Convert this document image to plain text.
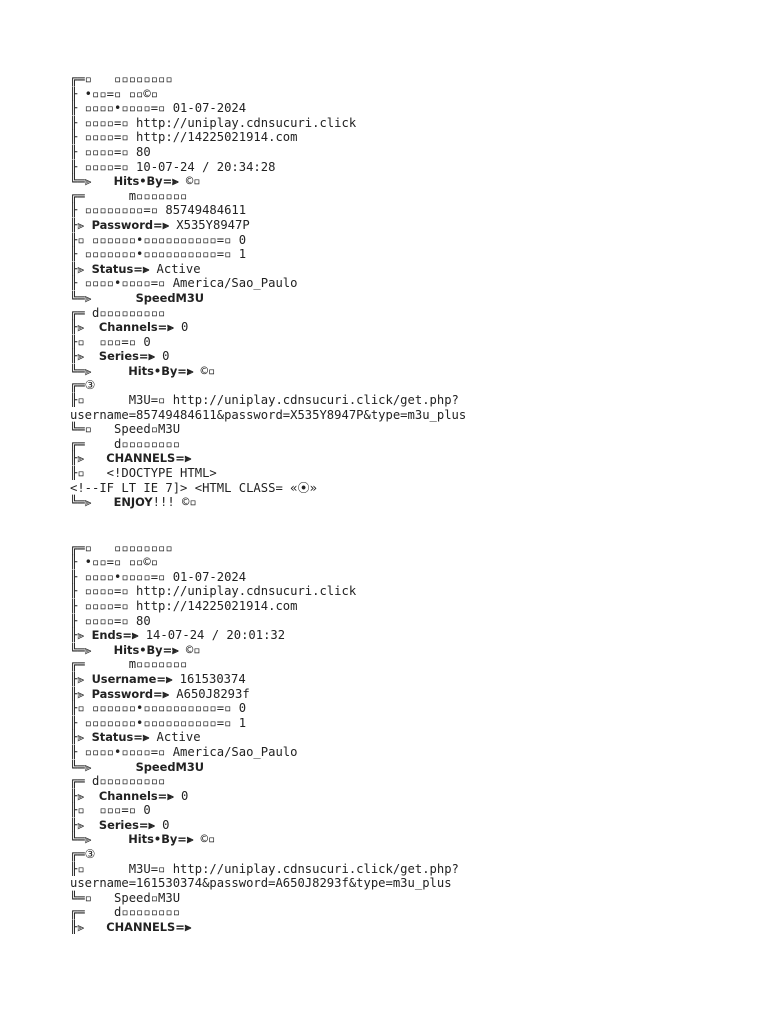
╔═▫   ▫▫▫▫▫▫▫▫
╟ •▫▫=▫ ▫▫©▫
╟ ▫▫▫▫•▫▫▫▫=▫ 01-07-2024
╟ ▫▫▫▫=▫ http://uniplay.cdnsucuri.click
╟ ▫▫▫▫=▫ http://14225021914.com
╟ ▫▫▫▫=▫ 80
╟ ▫▫▫▫=▫ 10-07-24 / 20:34:28
╚═⫸   Hits•By=⫸ ©▫
╔═      m▫▫▫▫▫▫▫
╟ ▫▫▫▫▫▫▫▫=▫ 85749484611
╟⫸ Password=⫸ X535Y8947P
╟▫ ▫▫▫▫▫▫•▫▫▫▫▫▫▫▫▫▫=▫ 0
╟ ▫▫▫▫▫▫▫•▫▫▫▫▫▫▫▫▫▫=▫ 1
╟⫸ Status=⫸ Active
╟ ▫▫▫▫•▫▫▫▫=▫ America/Sao_Paulo
╚═⫸      SpeedM3U
╔═ d▫▫▫▫▫▫▫▫▫
╟⫸  Channels=⫸ 0
╟▫  ▫▫▫=▫ 0
╟⫸  Series=⫸ 0
╚═⫸     Hits•By=⫸ ©▫
╔═③
╟▫      M3U=▫ http://uniplay.cdnsucuri.click/get.php?
username=85749484611&password=X535Y8947P&type=m3u_plus
╚═▫   Speed▫M3U
╔═    d▫▫▫▫▫▫▫▫
╟⫸   CHANNELS=⫸
╟▫   <!DOCTYPE HTML>
<!--IF LT IE 7]> <HTML CLASS= «⦿»
╚═⫸   ENJOY!!! ©▫
╔═▫   ▫▫▫▫▫▫▫▫
╟ •▫▫=▫ ▫▫©▫
╟ ▫▫▫▫•▫▫▫▫=▫ 01-07-2024
╟ ▫▫▫▫=▫ http://uniplay.cdnsucuri.click
╟ ▫▫▫▫=▫ http://14225021914.com
╟ ▫▫▫▫=▫ 80
╟⫸ Ends=⫸ 14-07-24 / 20:01:32
╚═⫸   Hits•By=⫸ ©▫
╔═      m▫▫▫▫▫▫▫
╟⫸ Username=⫸ 161530374
╟⫸ Password=⫸ A650J8293f
╟▫ ▫▫▫▫▫▫•▫▫▫▫▫▫▫▫▫▫=▫ 0
╟ ▫▫▫▫▫▫▫•▫▫▫▫▫▫▫▫▫▫=▫ 1
╟⫸ Status=⫸ Active
╟ ▫▫▫▫•▫▫▫▫=▫ America/Sao_Paulo
╚═⫸      SpeedM3U
╔═ d▫▫▫▫▫▫▫▫▫
╟⫸  Channels=⫸ 0
╟▫  ▫▫▫=▫ 0
╟⫸  Series=⫸ 0
╚═⫸     Hits•By=⫸ ©▫
╔═③
╟▫      M3U=▫ http://uniplay.cdnsucuri.click/get.php?
username=161530374&password=A650J8293f&type=m3u_plus
╚═▫   Speed▫M3U
╔═    d▫▫▫▫▫▫▫▫
╟⫸   CHANNELS=⫸
